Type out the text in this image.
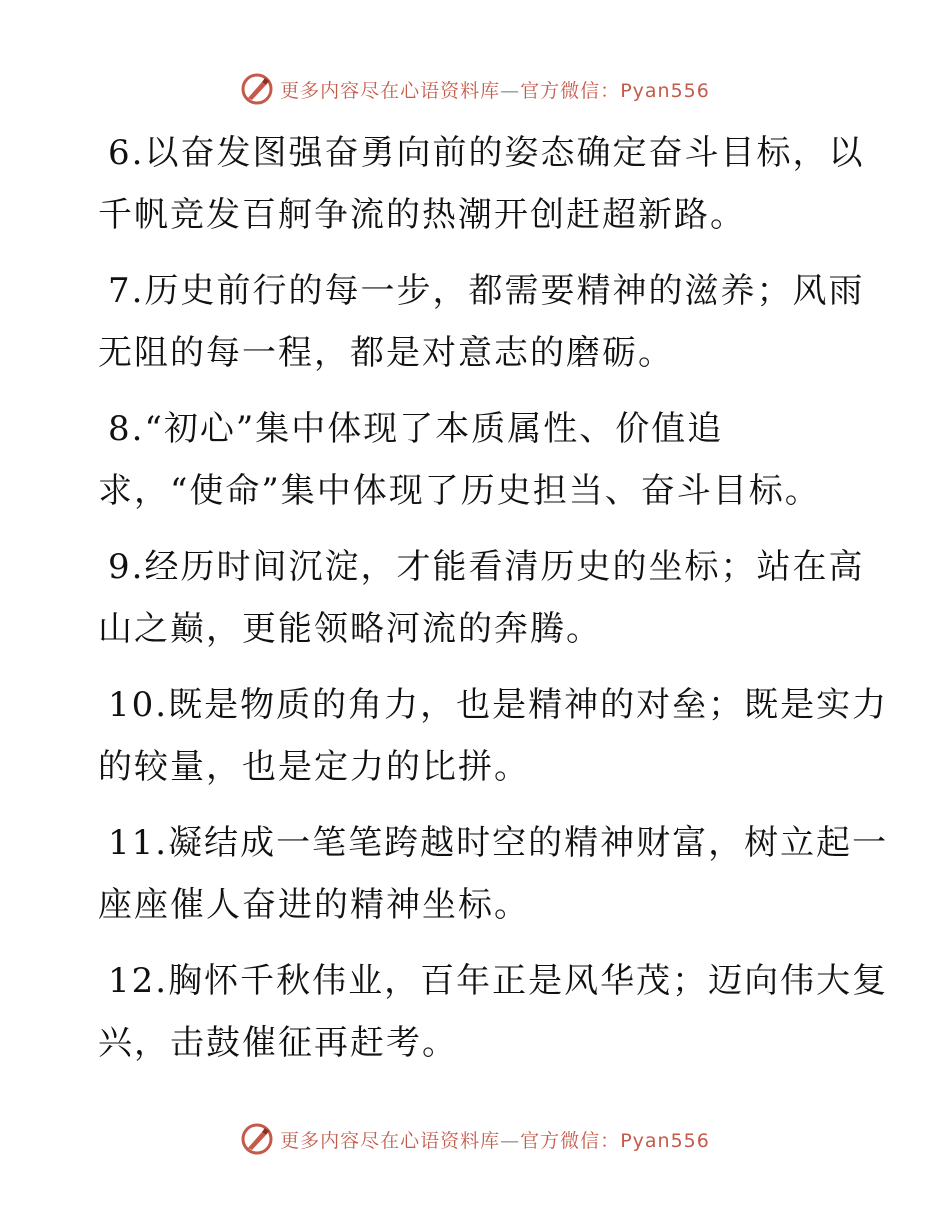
更多内容尽在心语资料库—官方微信：Pyan556
6.以奋发图强奋勇向前的姿态确定奋斗目标，以
千帆竞发百舸争流的热潮开创赶超新路。
7.历史前行的每一步，都需要精神的滋养；风雨
无阻的每一程，都是对意志的磨砺。
8.“初心”集中体现了本质属性、价值追
求，“使命”集中体现了历史担当、奋斗目标。
9.经历时间沉淀，才能看清历史的坐标；站在高
山之巅，更能领略河流的奔腾。
10.既是物质的角力，也是精神的对垒；既是实力
的较量，也是定力的比拼。
11.凝结成一笔笔跨越时空的精神财富，树立起一
座座催人奋进的精神坐标。
12.胸怀千秋伟业，百年正是风华茂；迈向伟大复
兴，击鼓催征再赶考。
更多内容尽在心语资料库—官方微信：Pyan556
